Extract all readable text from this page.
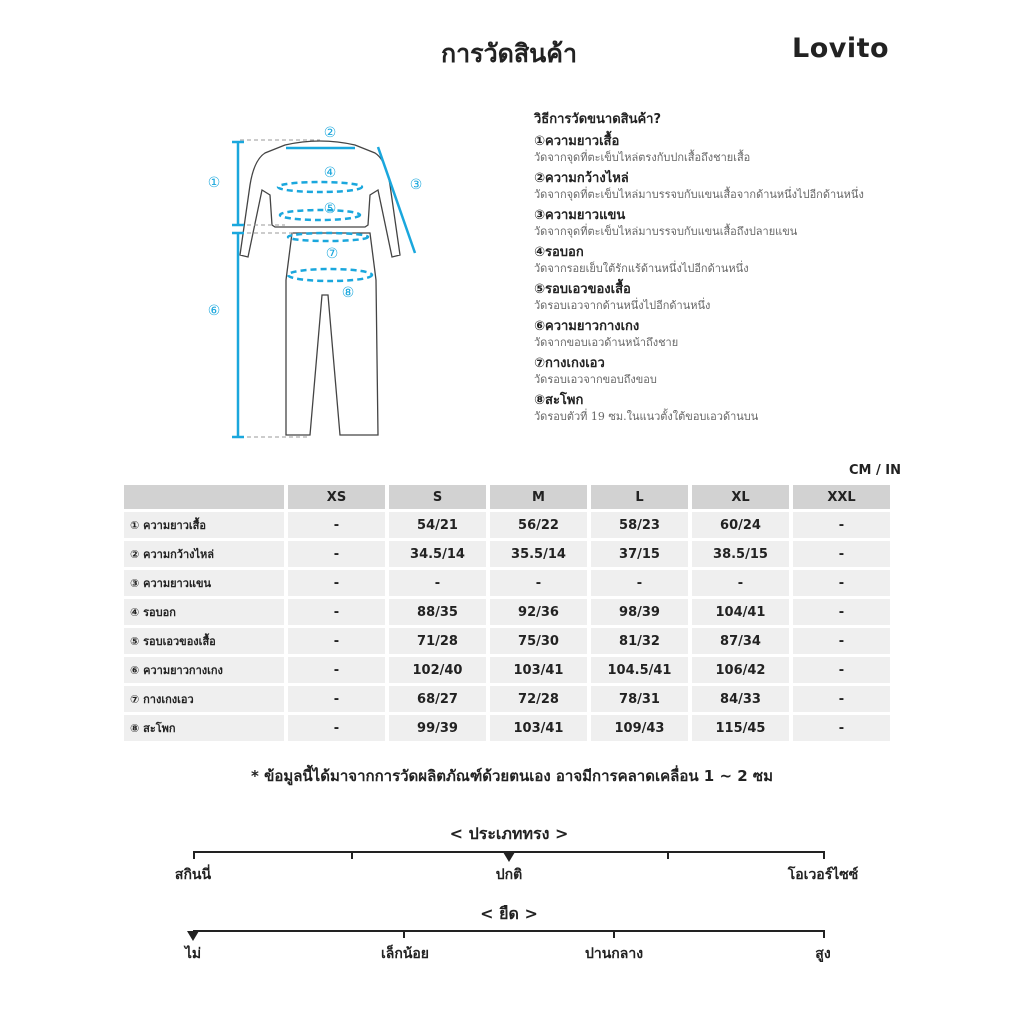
การวัดสินค้า	Lovito
①
②
③
④
⑤
⑥
⑦
⑧
วิธีการวัดขนาดสินค้า?
①ความยาวเสื้อ
วัดจากจุดที่ตะเข็บไหล่ตรงกับปกเสื้อถึงชายเสื้อ
②ความกว้างไหล่
วัดจากจุดที่ตะเข็บไหล่มาบรรจบกับแขนเสื้อจากด้านหนึ่งไปอีกด้านหนึ่ง
③ความยาวแขน
วัดจากจุดที่ตะเข็บไหล่มาบรรจบกับแขนเสื้อถึงปลายแขน
④รอบอก
วัดจากรอยเย็บใต้รักแร้ด้านหนึ่งไปอีกด้านหนึ่ง
⑤รอบเอวของเสื้อ
วัดรอบเอวจากด้านหนึ่งไปอีกด้านหนึ่ง
⑥ความยาวกางเกง
วัดจากขอบเอวด้านหน้าถึงชาย
⑦กางเกงเอว
วัดรอบเอวจากขอบถึงขอบ
⑧สะโพก
วัดรอบตัวที่ 19 ซม.ในแนวตั้งใต้ขอบเอวด้านบน
CM / IN
	XS	S	M	L	XL	XXL
① ความยาวเสื้อ	-	54/21	56/22	58/23	60/24	-
② ความกว้างไหล่	-	34.5/14	35.5/14	37/15	38.5/15	-
③ ความยาวแขน	-	-	-	-	-	-
④ รอบอก	-	88/35	92/36	98/39	104/41	-
⑤ รอบเอวของเสื้อ	-	71/28	75/30	81/32	87/34	-
⑥ ความยาวกางเกง	-	102/40	103/41	104.5/41	106/42	-
⑦ กางเกงเอว	-	68/27	72/28	78/31	84/33	-
⑧ สะโพก	-	99/39	103/41	109/43	115/45	-
* ข้อมูลนี้ได้มาจากการวัดผลิตภัณฑ์ด้วยตนเอง อาจมีการคลาดเคลื่อน 1 ~ 2 ซม
< ประเภททรง >
สกินนี่	ปกติ	โอเวอร์ไซซ์
< ยืด >
ไม่	เล็กน้อย	ปานกลาง	สูง
